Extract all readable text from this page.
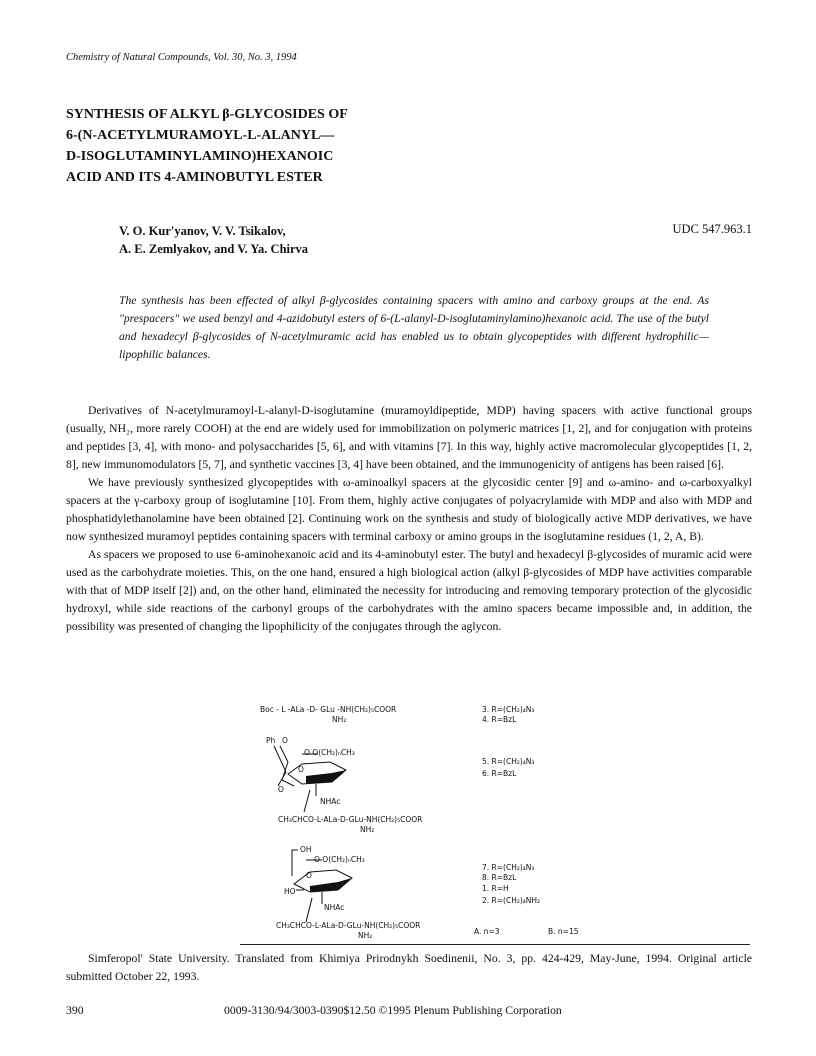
Chemistry of Natural Compounds, Vol. 30, No. 3, 1994
SYNTHESIS OF ALKYL β-GLYCOSIDES OF
6-(N-ACETYLMURAMOYL-L-ALANYL—
D-ISOGLUTAMINYLAMINO)HEXANOIC
ACID AND ITS 4-AMINOBUTYL ESTER
V. O. Kur'yanov, V. V. Tsikalov,
A. E. Zemlyakov, and V. Ya. Chirva
UDC 547.963.1
The synthesis has been effected of alkyl β-glycosides containing spacers with amino and carboxy groups at the end. As "prespacers" we used benzyl and 4-azidobutyl esters of 6-(L-alanyl-D-isoglutaminylamino)hexanoic acid. The use of the butyl and hexadecyl β-glycosides of N-acetylmuramic acid has enabled us to obtain glycopeptides with different hydrophilic—lipophilic balances.

Derivatives of N-acetylmuramoyl-L-alanyl-D-isoglutamine (muramoyldipeptide, MDP) having spacers with active functional groups (usually, NH₂, more rarely COOH) at the end are widely used for immobilization on polymeric matrices [1, 2], and for conjugation with proteins and peptides [3, 4], with mono- and polysaccharides [5, 6], and with vitamins [7]. In this way, highly active macromolecular glycopeptides [1, 2, 8], new immunomodulators [5, 7], and synthetic vaccines [3, 4] have been obtained, and the immunogenicity of antigens has been raised [6].

We have previously synthesized glycopeptides with ω-aminoalkyl spacers at the glycosidic center [9] and ω-amino- and ω-carboxyalkyl spacers at the γ-carboxy group of isoglutamine [10]. From them, highly active conjugates of polyacrylamide with MDP and also with MDP and phosphatidylethanolamine have been obtained [2]. Continuing work on the synthesis and study of biologically active MDP derivatives, we have now synthesized muramoyl peptides containing spacers with terminal carboxy or amino groups in the isoglutamine residues (1, 2, A, B).

As spacers we proposed to use 6-aminohexanoic acid and its 4-aminobutyl ester. The butyl and hexadecyl β-glycosides of muramic acid were used as the carbohydrate moieties. This, on the one hand, ensured a high biological action (alkyl β-glycosides of MDP have activities comparable with that of MDP itself [2]) and, on the other hand, eliminated the necessity for introducing and removing temporary protection of the glycosidic hydroxyl, while side reactions of the carbonyl groups of the carbohydrates with the amino spacers became impossible and, in addition, the possibility was presented of changing the lipophilicity of the conjugates through the aglycon.

Boc - L -ALa -D- GLu -NH(CH₂)₅COOR
NH₂
Ph O
O O(CH₂)ₙCH₃
O
O
NHAc
CH₃CHCO-L-ALa-D-GLu-NH(CH₂)₅COOR
NH₂
OH
O O(CH₂)ₙCH₃
O
HO
NHAc
CH₃CHCO-L-ALa-D-GLu-NH(CH₂)₅COOR
NH₂
3. R=(CH₂)₄N₃
4. R=BzL
5. R=(CH₂)₄N₃
6. R=BzL
7. R=(CH₂)₄N₃
8. R=BzL
1. R=H
2. R=(CH₂)₄NH₂
A. n=3	B. n=15

Simferopol' State University. Translated from Khimiya Prirodnykh Soedinenii, No. 3, pp. 424-429, May-June, 1994. Original article submitted October 22, 1993.

390	0009-3130/94/3003-0390$12.50 ©1995 Plenum Publishing Corporation
